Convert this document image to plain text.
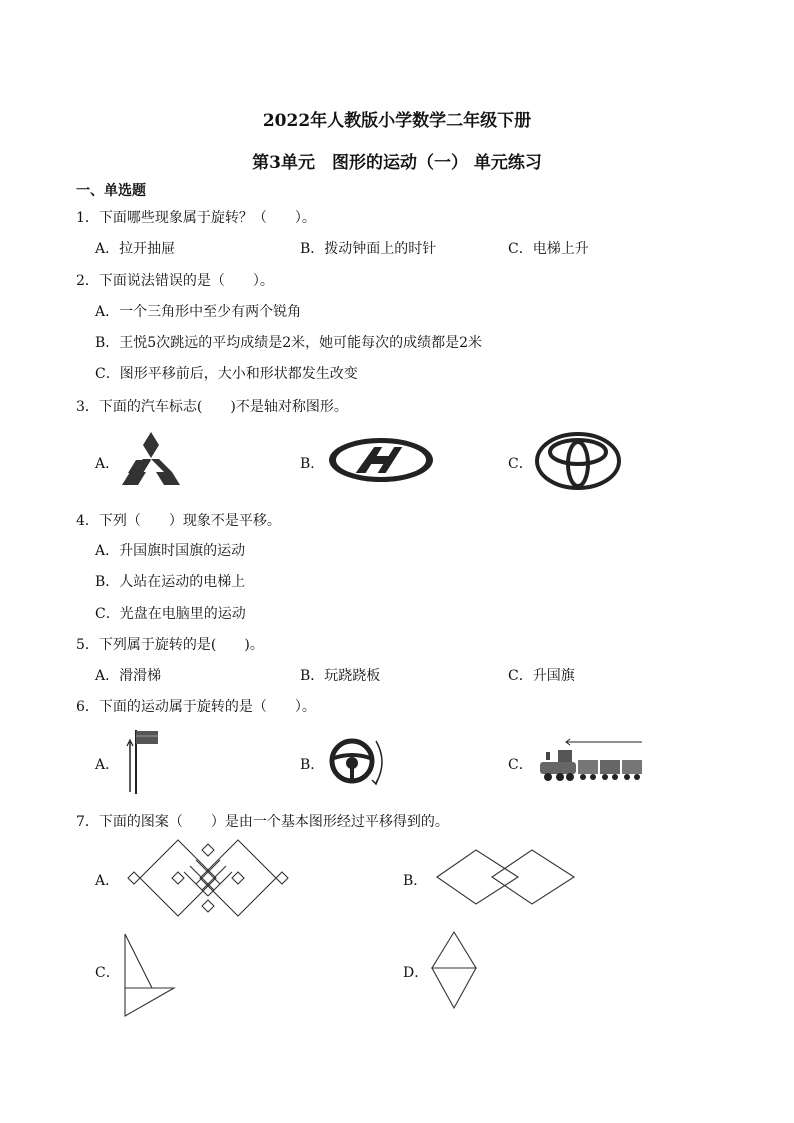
2022年人教版小学数学二年级下册
第3单元　图形的运动（一） 单元练习
一、单选题
1．下面哪些现象属于旋转？（　　）。
A．拉开抽屉	B．拨动钟面上的时针	C．电梯上升
2．下面说法错误的是（　　）。
A．一个三角形中至少有两个锐角
B．王悦5次跳远的平均成绩是2米，她可能每次的成绩都是2米
C．图形平移前后，大小和形状都发生改变
3．下面的汽车标志(　　)不是轴对称图形。
A．	B．	C．
4．下列（　　）现象不是平移。
A．升国旗时国旗的运动
B．人站在运动的电梯上
C．光盘在电脑里的运动
5．下列属于旋转的是(　　)。
A．滑滑梯	B．玩跷跷板	C．升国旗
6．下面的运动属于旋转的是（　　）。
A．	B．	C．
7．下面的图案（　　）是由一个基本图形经过平移得到的。
A．	B．
C．	D．
